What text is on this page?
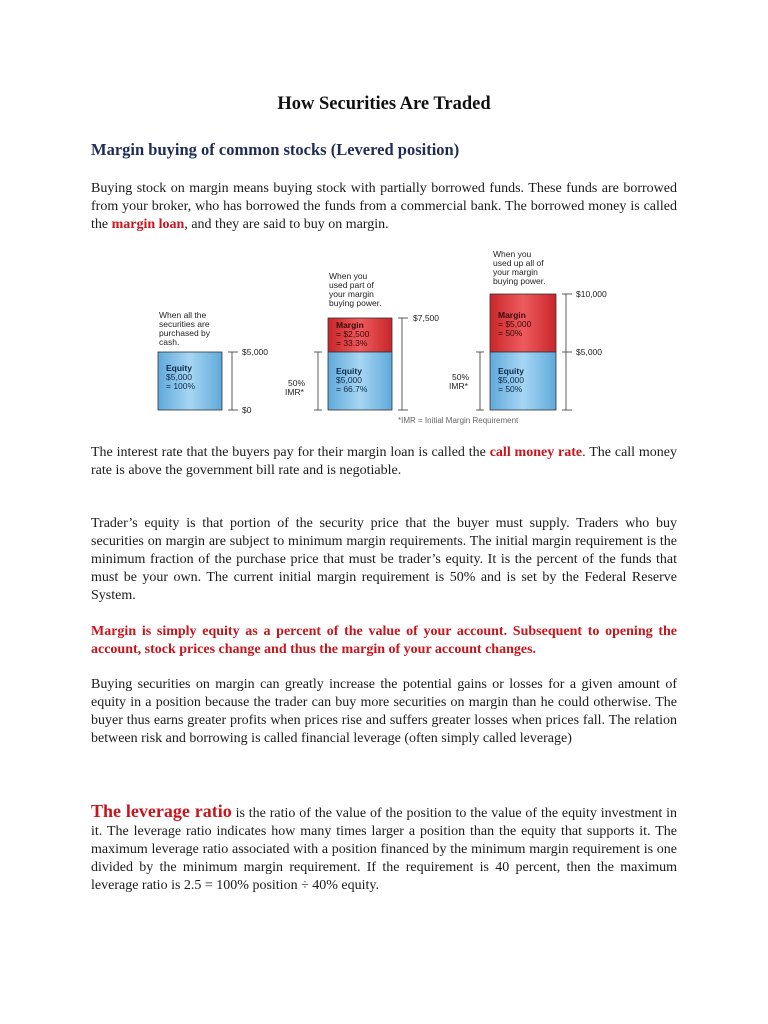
How Securities Are Traded
Margin buying of common stocks (Levered position)
Buying stock on margin means buying stock with partially borrowed funds. These funds are borrowed from your broker, who has borrowed the funds from a commercial bank. The borrowed money is called the margin loan, and they are said to buy on margin.
When all the securities are purchased by cash.
Equity $5,000 = 100%
$5,000
$0
When you used part of your margin buying power.
Margin = $2,500 = 33.3%
Equity $5,000 = 66.7%
$7,500
50% IMR*
When you used up all of your margin buying power.
Margin = $5,000 = 50%
Equity $5,000 = 50%
$10,000
$5,000
50% IMR*
*IMR = Initial Margin Requirement
The interest rate that the buyers pay for their margin loan is called the call money rate. The call money rate is above the government bill rate and is negotiable.
Trader’s equity is that portion of the security price that the buyer must supply. Traders who buy securities on margin are subject to minimum margin requirements. The initial margin requirement is the minimum fraction of the purchase price that must be trader’s equity. It is the percent of the funds that must be your own. The current initial margin requirement is 50% and is set by the Federal Reserve System.
Margin is simply equity as a percent of the value of your account. Subsequent to opening the account, stock prices change and thus the margin of your account changes.
Buying securities on margin can greatly increase the potential gains or losses for a given amount of equity in a position because the trader can buy more securities on margin than he could otherwise. The buyer thus earns greater profits when prices rise and suffers greater losses when prices fall. The relation between risk and borrowing is called financial leverage (often simply called leverage)
The leverage ratio is the ratio of the value of the position to the value of the equity investment in it. The leverage ratio indicates how many times larger a position than the equity that supports it. The maximum leverage ratio associated with a position financed by the minimum margin requirement is one divided by the minimum margin requirement. If the requirement is 40 percent, then the maximum leverage ratio is 2.5 = 100% position ÷ 40% equity.
